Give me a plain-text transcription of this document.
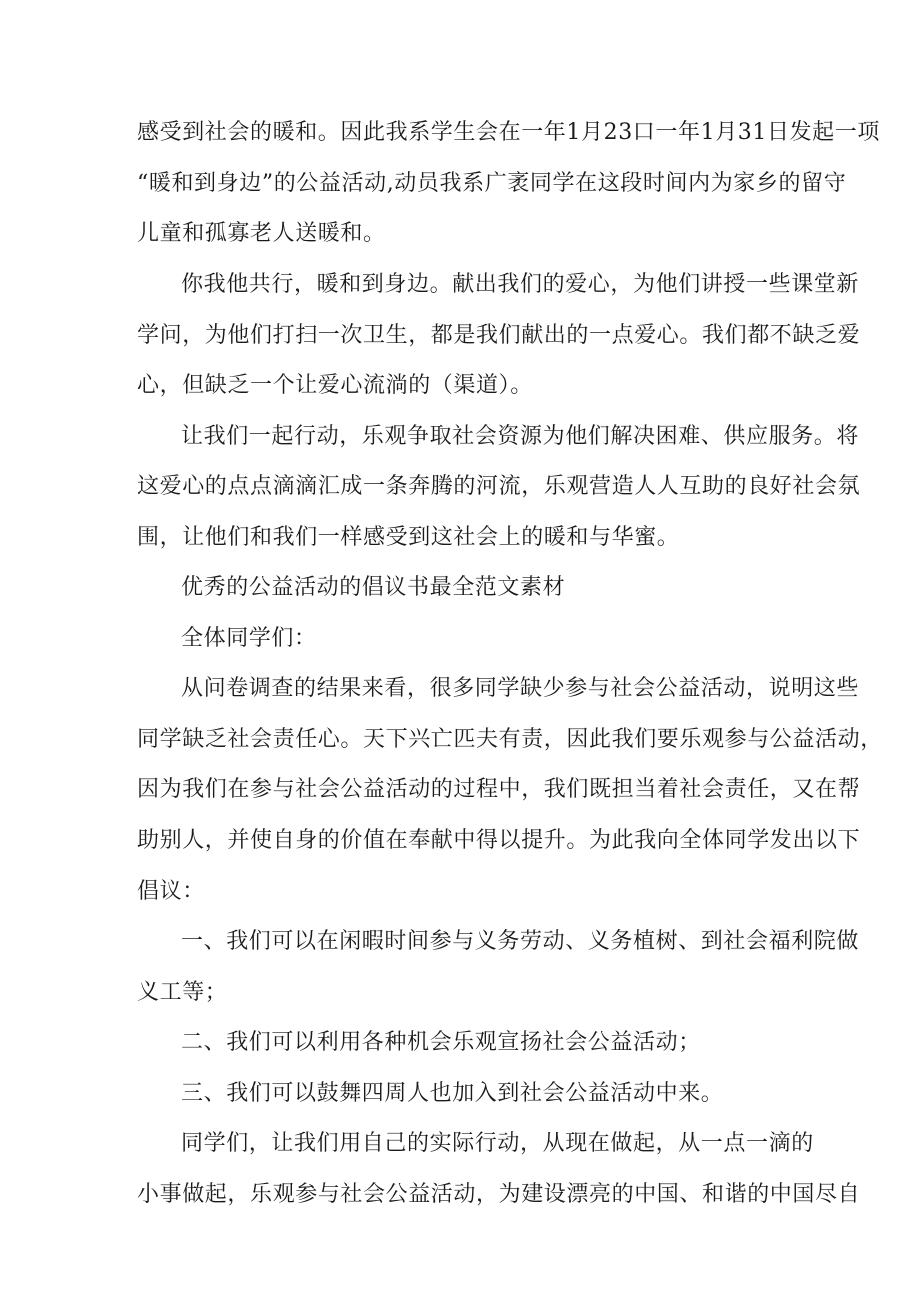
感受到社会的暖和。因此我系学生会在一年1月23口一年1月31日发起一项
“暖和到身边”的公益活动,动员我系广袤同学在这段时间内为家乡的留守
儿童和孤寡老人送暖和。
你我他共行，暖和到身边。献出我们的爱心，为他们讲授一些课堂新
学问，为他们打扫一次卫生，都是我们献出的一点爱心。我们都不缺乏爱
心，但缺乏一个让爱心流淌的（渠道）。
让我们一起行动，乐观争取社会资源为他们解决困难、供应服务。将
这爱心的点点滴滴汇成一条奔腾的河流，乐观营造人人互助的良好社会氛
围，让他们和我们一样感受到这社会上的暖和与华蜜。
优秀的公益活动的倡议书最全范文素材
全体同学们：
从问卷调查的结果来看，很多同学缺少参与社会公益活动，说明这些
同学缺乏社会责任心。天下兴亡匹夫有责，因此我们要乐观参与公益活动，
因为我们在参与社会公益活动的过程中，我们既担当着社会责任，又在帮
助别人，并使自身的价值在奉献中得以提升。为此我向全体同学发出以下
倡议：
一、我们可以在闲暇时间参与义务劳动、义务植树、到社会福利院做
义工等；
二、我们可以利用各种机会乐观宣扬社会公益活动；
三、我们可以鼓舞四周人也加入到社会公益活动中来。
同学们，让我们用自己的实际行动，从现在做起，从一点一滴的
小事做起，乐观参与社会公益活动，为建设漂亮的中国、和谐的中国尽自
